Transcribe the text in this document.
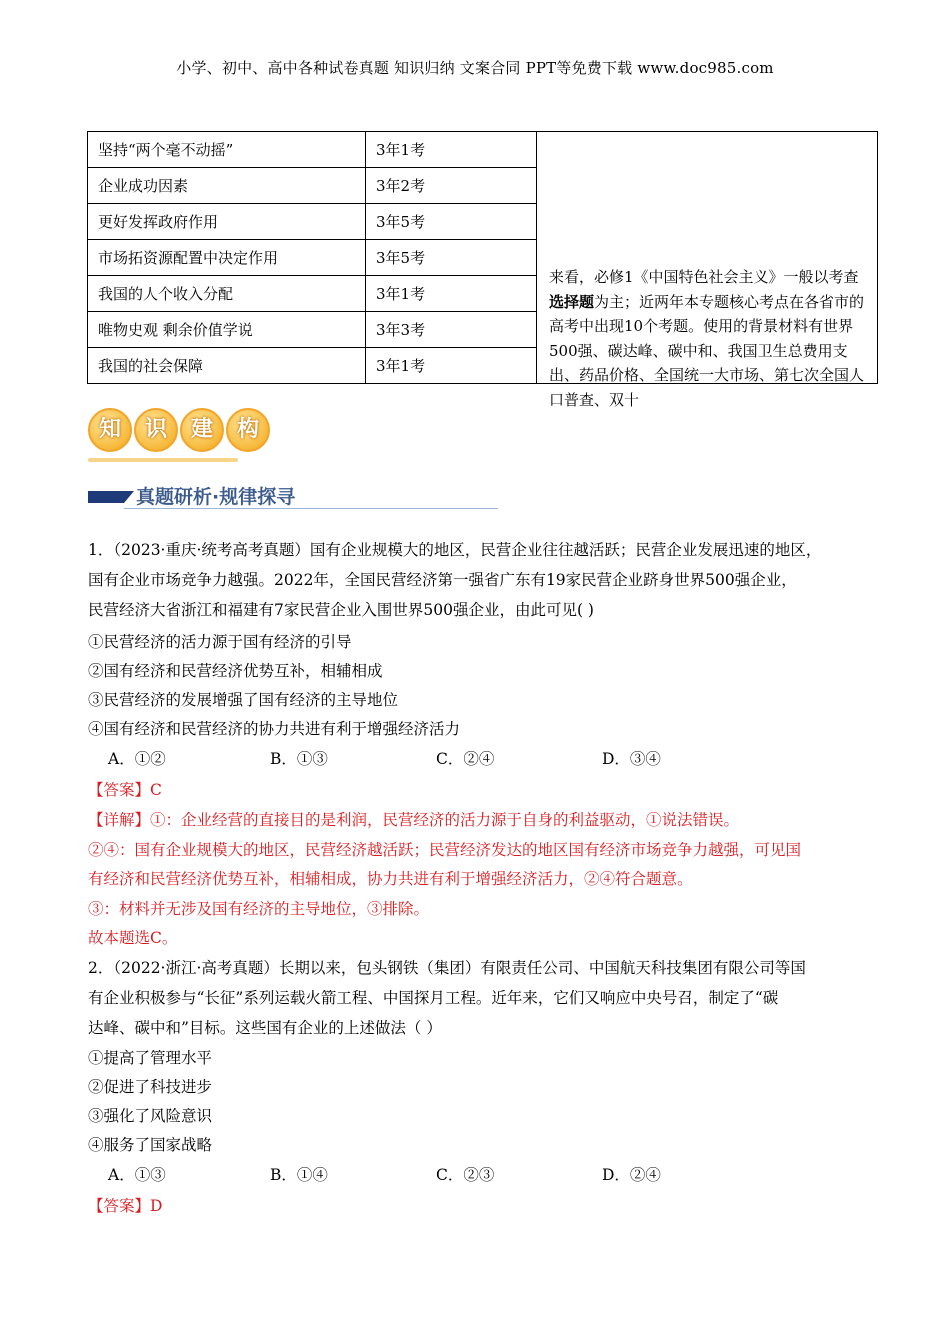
小学、初中、高中各种试卷真题 知识归纳 文案合同 PPT等免费下载 www.doc985.com
坚持“两个毫不动摇”	3年1考	来看，必修1《中国特色社会主义》一般以考查选择题为主；近两年本专题核心考点在各省市的高考中出现10个考题。使用的背景材料有世界500强、碳达峰、碳中和、我国卫生总费用支出、药品价格、全国统一大市场、第七次全国人口普查、双十

企业成功因素	3年2考	
更好发挥政府作用	3年5考	
市场拓资源配置中决定作用	3年5考	
我国的人个收入分配	3年1考	
唯物史观 剩余价值学说	3年3考	
我国的社会保障	3年1考	
知	识	建	构
真题研析·规律探寻
1．（2023·重庆·统考高考真题）国有企业规模大的地区，民营企业往往越活跃；民营企业发展迅速的地区，
国有企业市场竞争力越强。2022年，全国民营经济第一强省广东有19家民营企业跻身世界500强企业，
民营经济大省浙江和福建有7家民营企业入围世界500强企业，由此可见( )
①民营经济的活力源于国有经济的引导
②国有经济和民营经济优势互补，相辅相成
③民营经济的发展增强了国有经济的主导地位
④国有经济和民营经济的协力共进有利于增强经济活力
A．①②	B．①③	C．②④	D．③④
【答案】C
【详解】①：企业经营的直接目的是利润，民营经济的活力源于自身的利益驱动，①说法错误。
②④：国有企业规模大的地区，民营经济越活跃；民营经济发达的地区国有经济市场竞争力越强，可见国
有经济和民营经济优势互补，相辅相成，协力共进有利于增强经济活力，②④符合题意。
③：材料并无涉及国有经济的主导地位，③排除。
故本题选C。
2．（2022·浙江·高考真题）长期以来，包头钢铁（集团）有限责任公司、中国航天科技集团有限公司等国
有企业积极参与“长征”系列运载火箭工程、中国探月工程。近年来，它们又响应中央号召，制定了“碳
达峰、碳中和”目标。这些国有企业的上述做法（ ）
①提高了管理水平
②促进了科技进步
③强化了风险意识
④服务了国家战略
A．①③	B．①④	C．②③	D．②④
【答案】D
